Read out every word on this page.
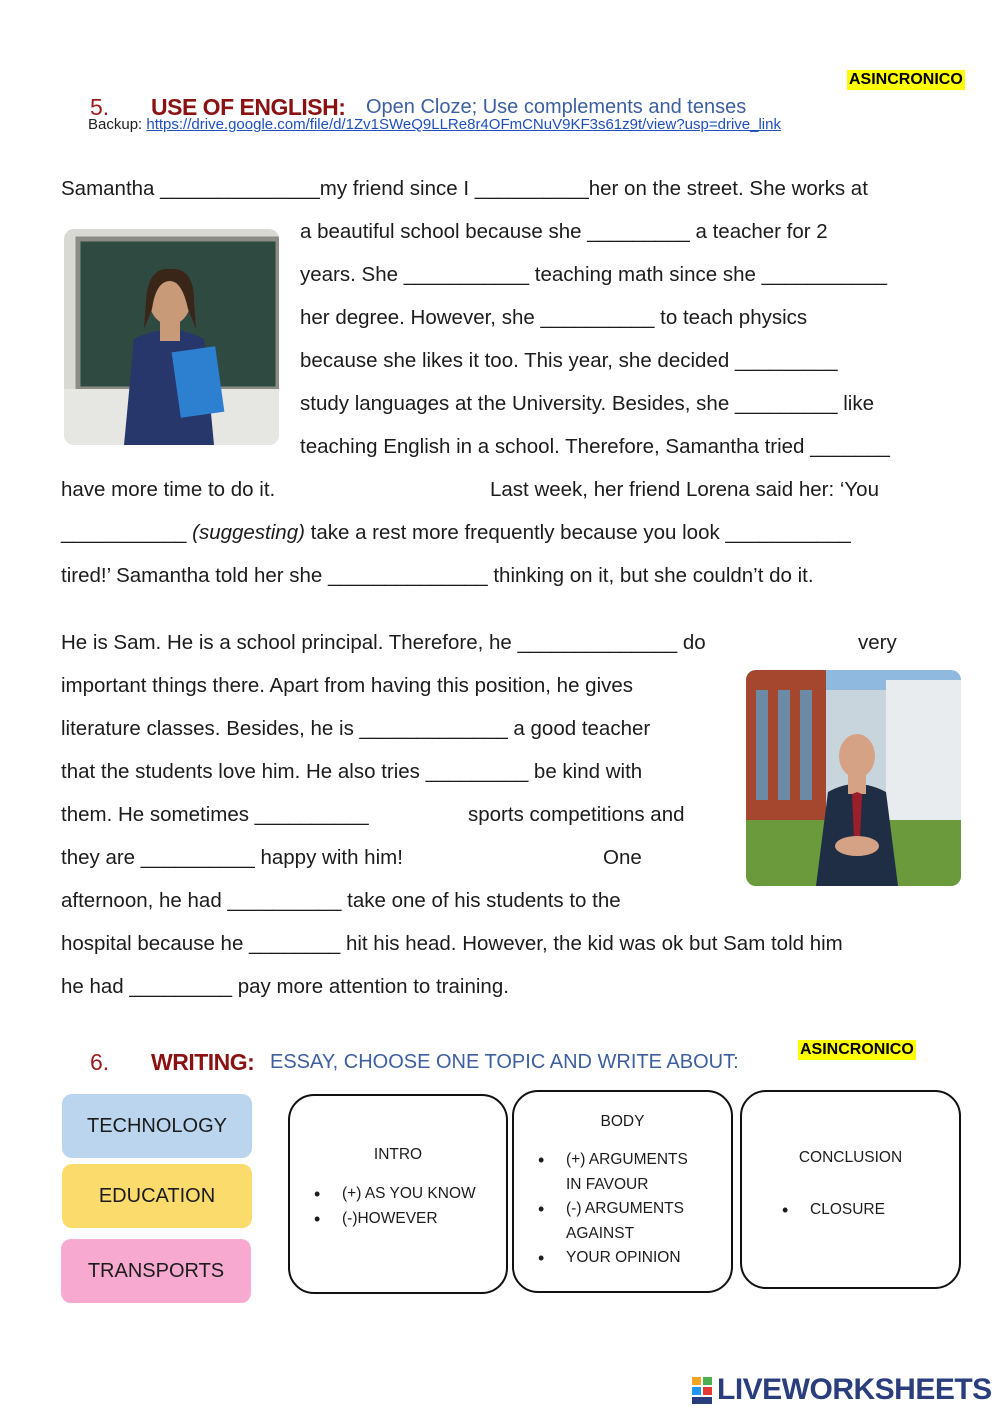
ASINCRONICO
5. USE OF ENGLISH: Open Cloze; Use complements and tenses
Backup: https://drive.google.com/file/d/1Zv1SWeQ9LLRe8r4OFmCNuV9KF3s61z9t/view?usp=drive_link
Samantha ______________my friend since I __________her on the street. She works at
a beautiful school because she _________ a teacher for 2
years. She ___________ teaching math since she ___________
her degree. However, she __________ to teach physics
because she likes it too. This year, she decided _________
study languages at the University. Besides, she _________ like
teaching English in a school. Therefore, Samantha tried _______
have more time to do it.	Last week, her friend Lorena said her: ‘You
___________ (suggesting) take a rest more frequently because you look ___________
tired!’ Samantha told her she ______________ thinking on it, but she couldn’t do it.
He is Sam. He is a school principal. Therefore, he ______________ do	very
important things there. Apart from having this position, he gives
literature classes. Besides, he is _____________ a good teacher
that the students love him. He also tries _________ be kind with
them. He sometimes __________	sports competitions and
they are __________ happy with him!	One
afternoon, he had __________ take one of his students to the
hospital because he ________ hit his head. However, the kid was ok but Sam told him
he had _________ pay more attention to training.
ASINCRONICO
6. WRITING: ESSAY, CHOOSE ONE TOPIC AND WRITE ABOUT:
TECHNOLOGY
EDUCATION
TRANSPORTS
INTRO
• (+) AS YOU KNOW
• (-)HOWEVER
BODY
• (+) ARGUMENTS IN FAVOUR
• (-) ARGUMENTS AGAINST
• YOUR OPINION
CONCLUSION
• CLOSURE
LIVEWORKSHEETS
